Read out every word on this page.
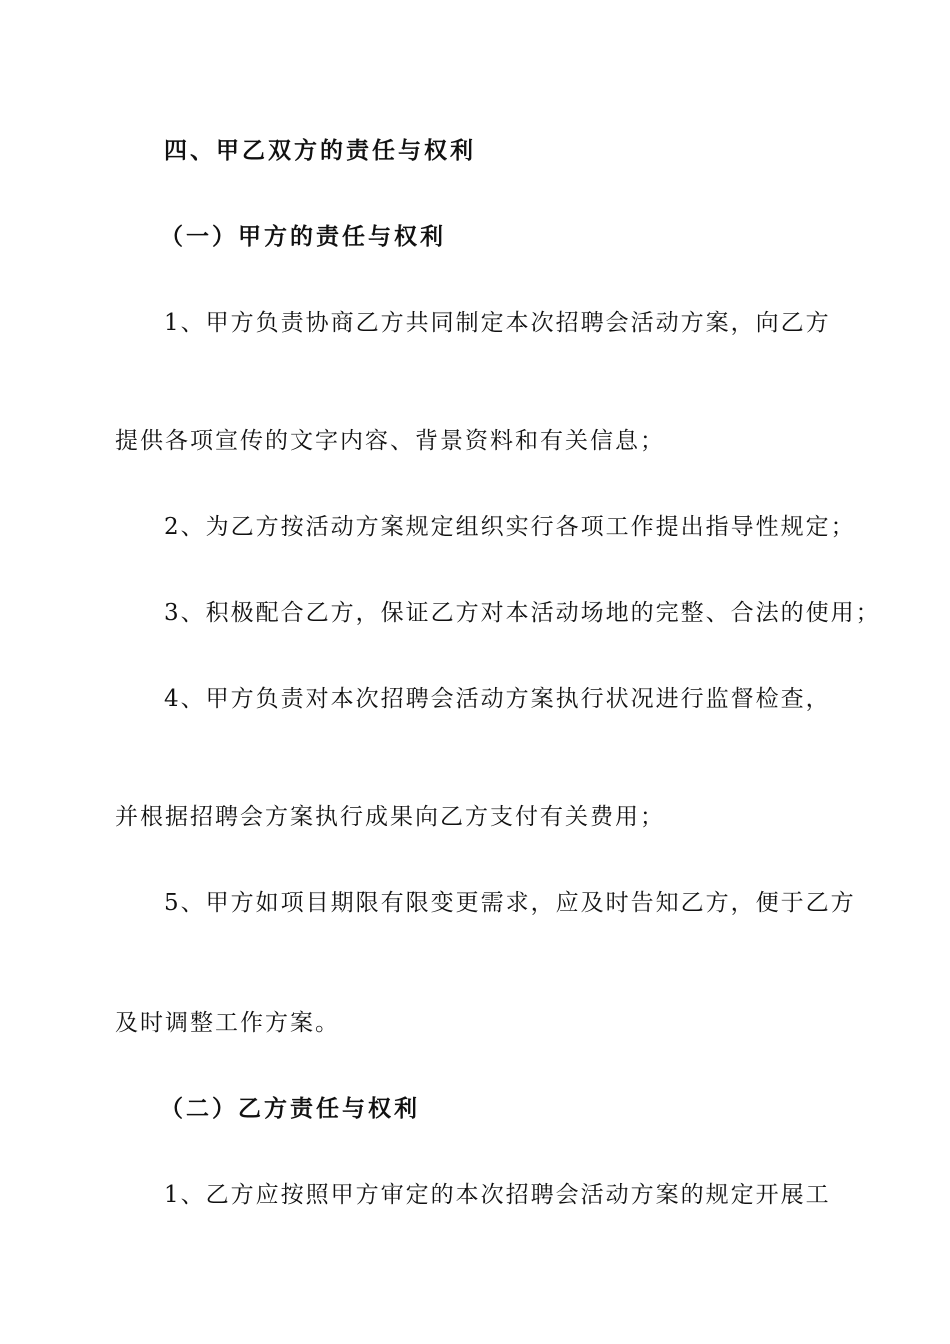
四、甲乙双方的责任与权利
（一）甲方的责任与权利
1、甲方负责协商乙方共同制定本次招聘会活动方案，向乙方
提供各项宣传的文字内容、背景资料和有关信息；
2、为乙方按活动方案规定组织实行各项工作提出指导性规定；
3、积极配合乙方，保证乙方对本活动场地的完整、合法的使用；
4、甲方负责对本次招聘会活动方案执行状况进行监督检查，
并根据招聘会方案执行成果向乙方支付有关费用；
5、甲方如项目期限有限变更需求，应及时告知乙方，便于乙方
及时调整工作方案。
（二）乙方责任与权利
1、乙方应按照甲方审定的本次招聘会活动方案的规定开展工
